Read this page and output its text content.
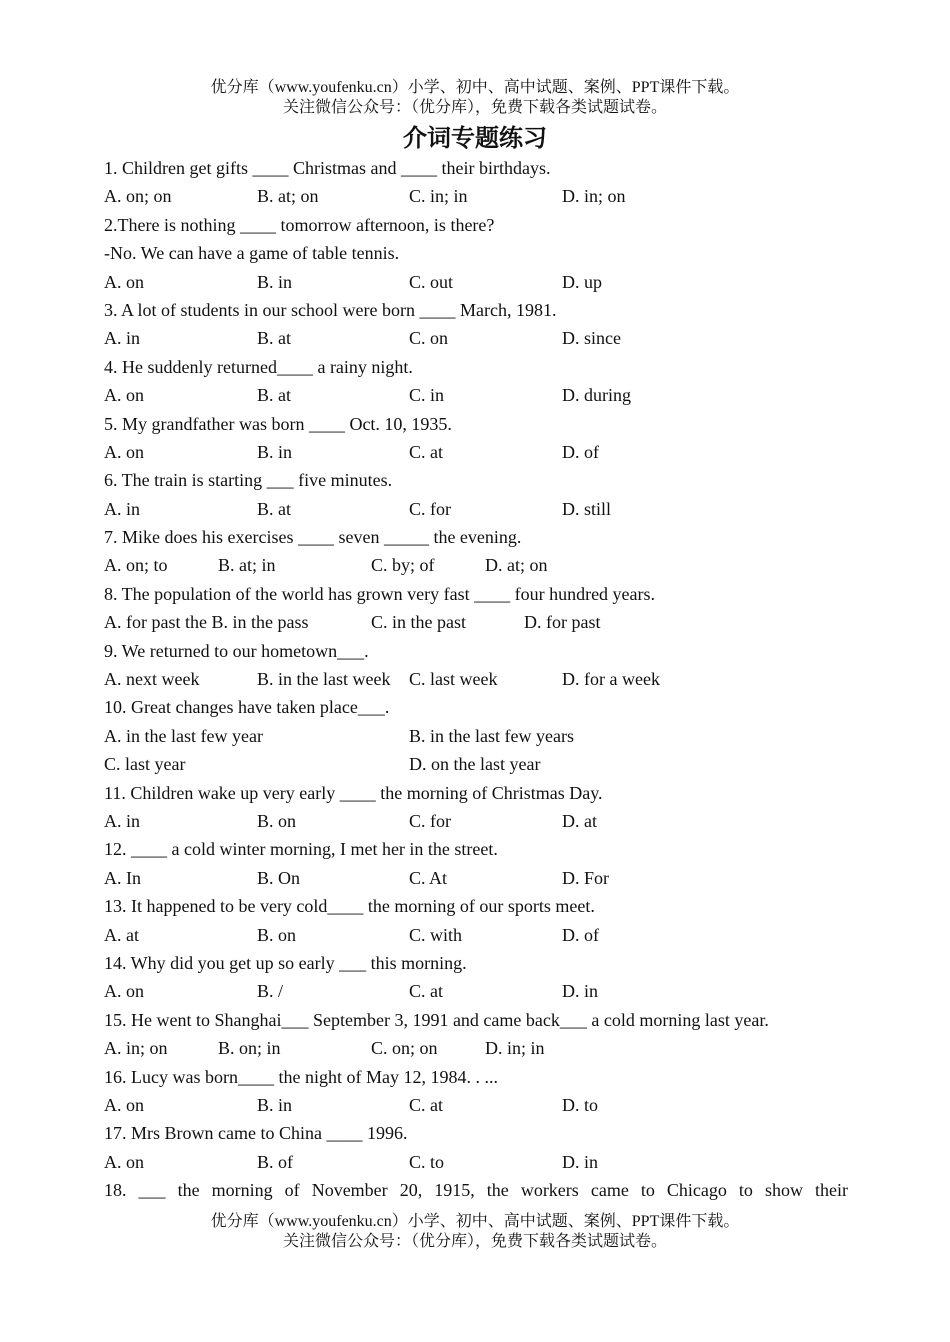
优分库（www.youfenku.cn）小学、初中、高中试题、案例、PPT课件下载。
关注微信公众号：（优分库），免费下载各类试题试卷。
介词专题练习
1. Children get gifts ____ Christmas and ____ their birthdays.
A. on; on	B. at; on	C. in; in	D. in; on
2.There is nothing ____ tomorrow afternoon, is there?
-No. We can have a game of table tennis.
A. on	B. in	C. out	D. up
3. A lot of students in our school were born ____ March, 1981.
A. in	B. at	C. on	D. since
4. He suddenly returned____ a rainy night.
A. on	B. at	C. in	D. during
5. My grandfather was born ____ Oct. 10, 1935.
A. on	B. in	C. at	D. of
6. The train is starting ___ five minutes.
A. in	B. at	C. for	D. still
7. Mike does his exercises ____ seven _____ the evening.
A. on; to	B. at; in	C. by; of	D. at; on
8. The population of the world has grown very fast ____ four hundred years.
A. for past the B. in the pass	C. in the past	D. for past
9. We returned to our hometown___.
A. next week	B. in the last week C. last week	D. for a week
10. Great changes have taken place___.
A. in the last few year	B. in the last few years
C. last year	D. on the last year
11. Children wake up very early ____ the morning of Christmas Day.
A. in	B. on	C. for	D. at
12. ____ a cold winter morning, I met her in the street.
A. In	B. On	C. At	D. For
13. It happened to be very cold____ the morning of our sports meet.
A. at	B. on	C. with	D. of
14. Why did you get up so early ___ this morning.
A. on	B. /	C. at	D. in
15. He went to Shanghai___ September 3, 1991 and came back___ a cold morning last year.
A. in; on	B. on; in	C. on; on	D. in; in
16. Lucy was born____ the night of May 12, 1984. . ...
A. on	B. in	C. at	D. to
17. Mrs Brown came to China ____ 1996.
A. on	B. of	C. to	D. in
18. ___ the morning of November 20, 1915, the workers came to Chicago to show their
优分库（www.youfenku.cn）小学、初中、高中试题、案例、PPT课件下载。
关注微信公众号：（优分库），免费下载各类试题试卷。
